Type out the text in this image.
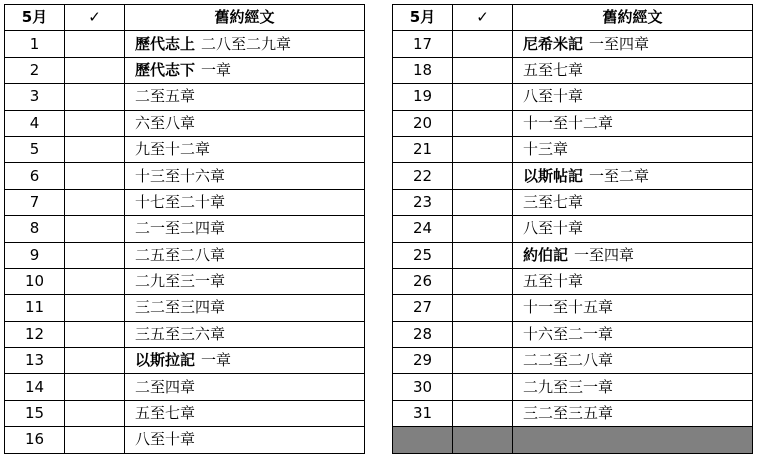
5月	✓	舊約經文
1		歷代志上 二八至二九章
2		歷代志下 一章
3		二至五章
4		六至八章
5		九至十二章
6		十三至十六章
7		十七至二十章
8		二一至二四章
9		二五至二八章
10		二九至三一章
11		三二至三四章
12		三五至三六章
13		以斯拉記 一章
14		二至四章
15		五至七章
16		八至十章
5月	✓	舊約經文
17		尼希米記 一至四章
18		五至七章
19		八至十章
20		十一至十二章
21		十三章
22		以斯帖記 一至二章
23		三至七章
24		八至十章
25		約伯記 一至四章
26		五至十章
27		十一至十五章
28		十六至二一章
29		二二至二八章
30		二九至三一章
31		三二至三五章
